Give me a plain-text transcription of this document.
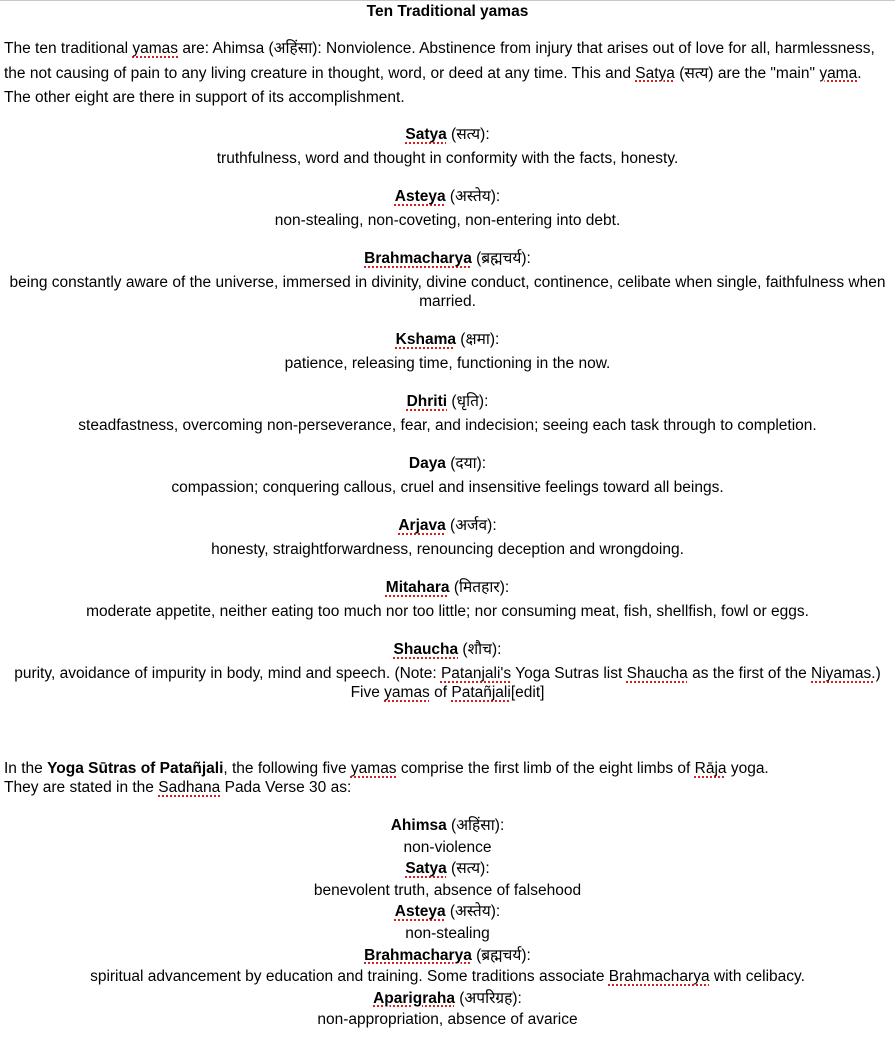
Ten Traditional yamas
The ten traditional yamas are: Ahimsa (अहिंसा): Nonviolence. Abstinence from injury that arises out of love for all, harmlessness, the not causing of pain to any living creature in thought, word, or deed at any time. This and Satya (सत्य) are the "main" yama. The other eight are there in support of its accomplishment.
Satya (सत्य):
truthfulness, word and thought in conformity with the facts, honesty.
Asteya (अस्तेय):
non-stealing, non-coveting, non-entering into debt.
Brahmacharya (ब्रह्मचर्य):
being constantly aware of the universe, immersed in divinity, divine conduct, continence, celibate when single, faithfulness when married.
Kshama (क्षमा):
patience, releasing time, functioning in the now.
Dhriti (धृति):
steadfastness, overcoming non-perseverance, fear, and indecision; seeing each task through to completion.
Daya (दया):
compassion; conquering callous, cruel and insensitive feelings toward all beings.
Arjava (अर्जव):
honesty, straightforwardness, renouncing deception and wrongdoing.
Mitahara (मितहार):
moderate appetite, neither eating too much nor too little; nor consuming meat, fish, shellfish, fowl or eggs.
Shaucha (शौच):
purity, avoidance of impurity in body, mind and speech. (Note: Patanjali's Yoga Sutras list Shaucha as the first of the Niyamas.)
Five yamas of Patañjali[edit]
In the Yoga Sūtras of Patañjali, the following five yamas comprise the first limb of the eight limbs of Rāja yoga.
They are stated in the Sadhana Pada Verse 30 as:
Ahimsa (अहिंसा):
non-violence
Satya (सत्य):
benevolent truth, absence of falsehood
Asteya (अस्तेय):
non-stealing
Brahmacharya (ब्रह्मचर्य):
spiritual advancement by education and training. Some traditions associate Brahmacharya with celibacy.
Aparigraha (अपरिग्रह):
non-appropriation, absence of avarice
